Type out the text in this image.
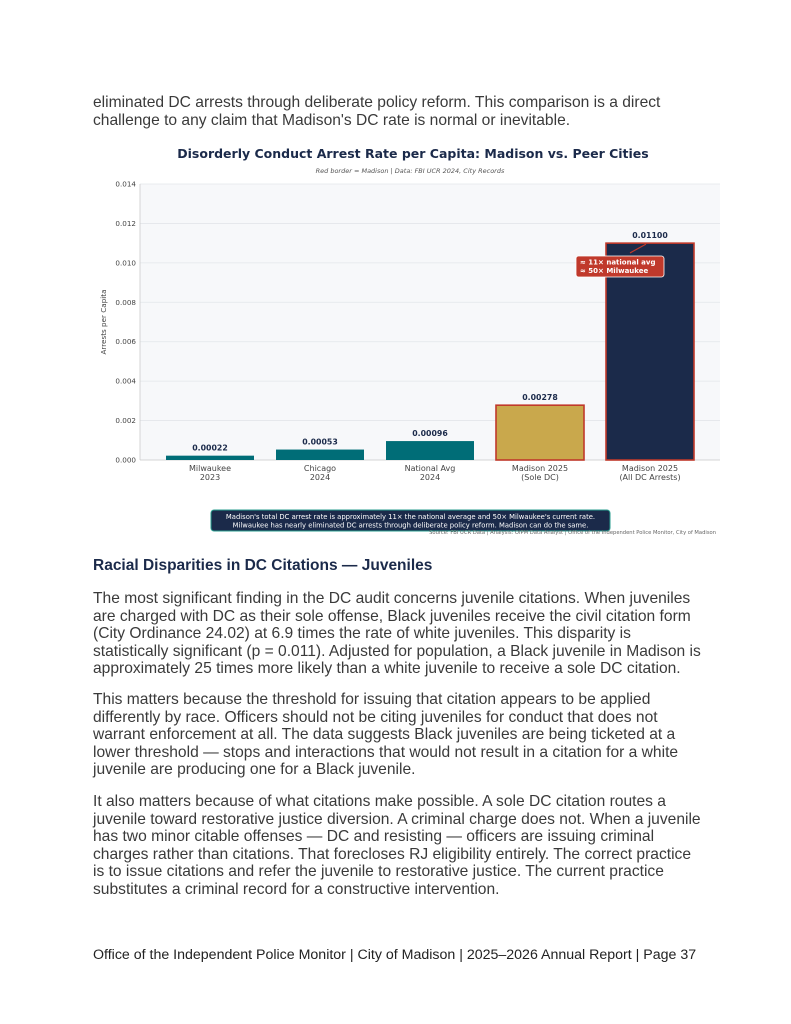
eliminated DC arrests through deliberate policy reform. This comparison is a direct challenge to any claim that Madison's DC rate is normal or inevitable.

Disorderly Conduct Arrest Rate per Capita: Madison vs. Peer Cities
Red border = Madison | Data: FBI UCR 2024, City Records
0.000
0.002
0.004
0.006
0.008
0.010
0.012
0.014
Arrests per Capita
0.00022
Milwaukee
2023
0.00053
Chicago
2024
0.00096
National Avg
2024
0.00278
Madison 2025
(Sole DC)
0.01100
Madison 2025
(All DC Arrests)
≈ 11× national avg
≈ 50× Milwaukee
Madison's total DC arrest rate is approximately 11× the national average and 50× Milwaukee's current rate.
Milwaukee has nearly eliminated DC arrests through deliberate policy reform. Madison can do the same.
Source: FBI UCR Data | Analysis: OIPM Data Analyst | Office of the Independent Police Monitor, City of Madison
Racial Disparities in DC Citations — Juveniles

The most significant finding in the DC audit concerns juvenile citations. When juveniles are charged with DC as their sole offense, Black juveniles receive the civil citation form (City Ordinance 24.02) at 6.9 times the rate of white juveniles. This disparity is statistically significant (p = 0.011). Adjusted for population, a Black juvenile in Madison is approximately 25 times more likely than a white juvenile to receive a sole DC citation.

This matters because the threshold for issuing that citation appears to be applied differently by race. Officers should not be citing juveniles for conduct that does not warrant enforcement at all. The data suggests Black juveniles are being ticketed at a lower threshold — stops and interactions that would not result in a citation for a white juvenile are producing one for a Black juvenile.

It also matters because of what citations make possible. A sole DC citation routes a juvenile toward restorative justice diversion. A criminal charge does not. When a juvenile has two minor citable offenses — DC and resisting — officers are issuing criminal charges rather than citations. That forecloses RJ eligibility entirely. The correct practice is to issue citations and refer the juvenile to restorative justice. The current practice substitutes a criminal record for a constructive intervention.

Office of the Independent Police Monitor | City of Madison | 2025–2026 Annual Report | Page 37
